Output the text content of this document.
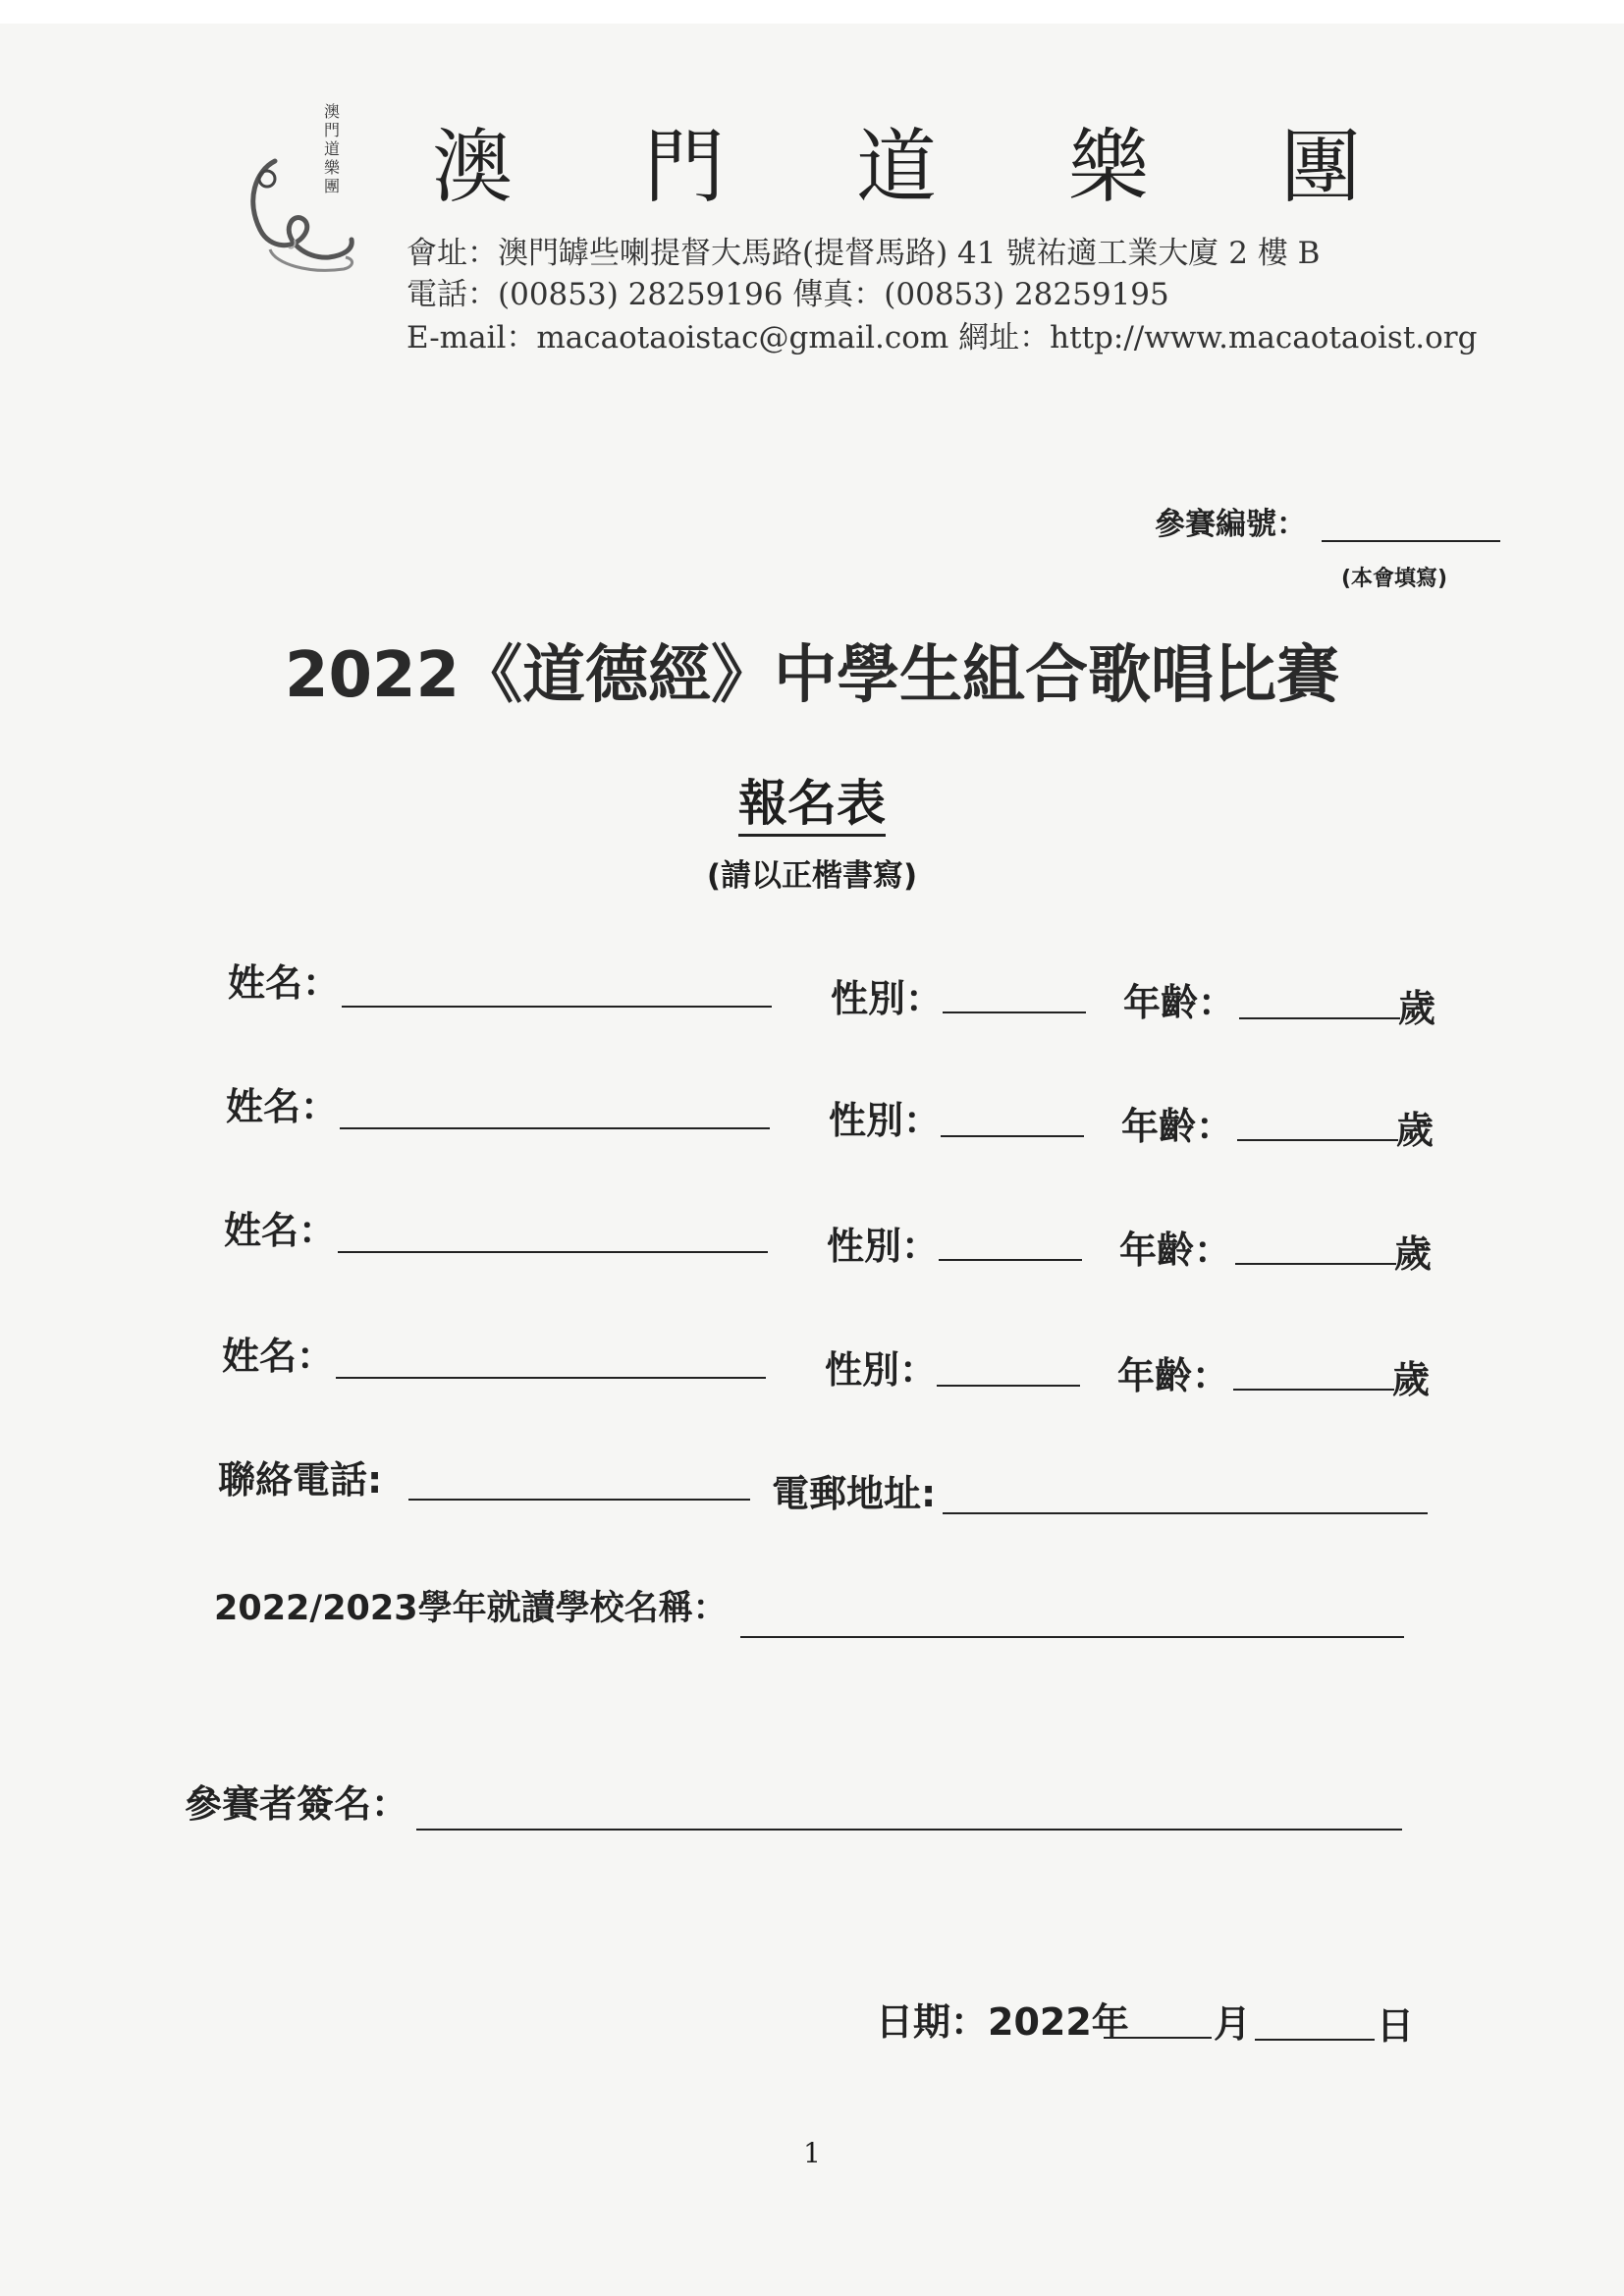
澳
門
道
樂
團 澳門道樂團
會址：澳門罅些喇提督大馬路(提督馬路) 41 號祐適工業大廈 2 樓 B
電話：(00853) 28259196 傳真：(00853) 28259195
E-mail：macaotaoistac@gmail.com 網址：http://www.macaotaoist.org
參賽編號：
(本會填寫)
2022《道德經》中學生組合歌唱比賽
報名表
(請以正楷書寫)
姓名：	性別：	年齡：	歲
姓名：	性別：	年齡：	歲
姓名：	性別：	年齡：	歲
姓名：	性別：	年齡：	歲
聯絡電話:	電郵地址:
2022/2023學年就讀學校名稱：
參賽者簽名：
日期：2022年 月	日
1
